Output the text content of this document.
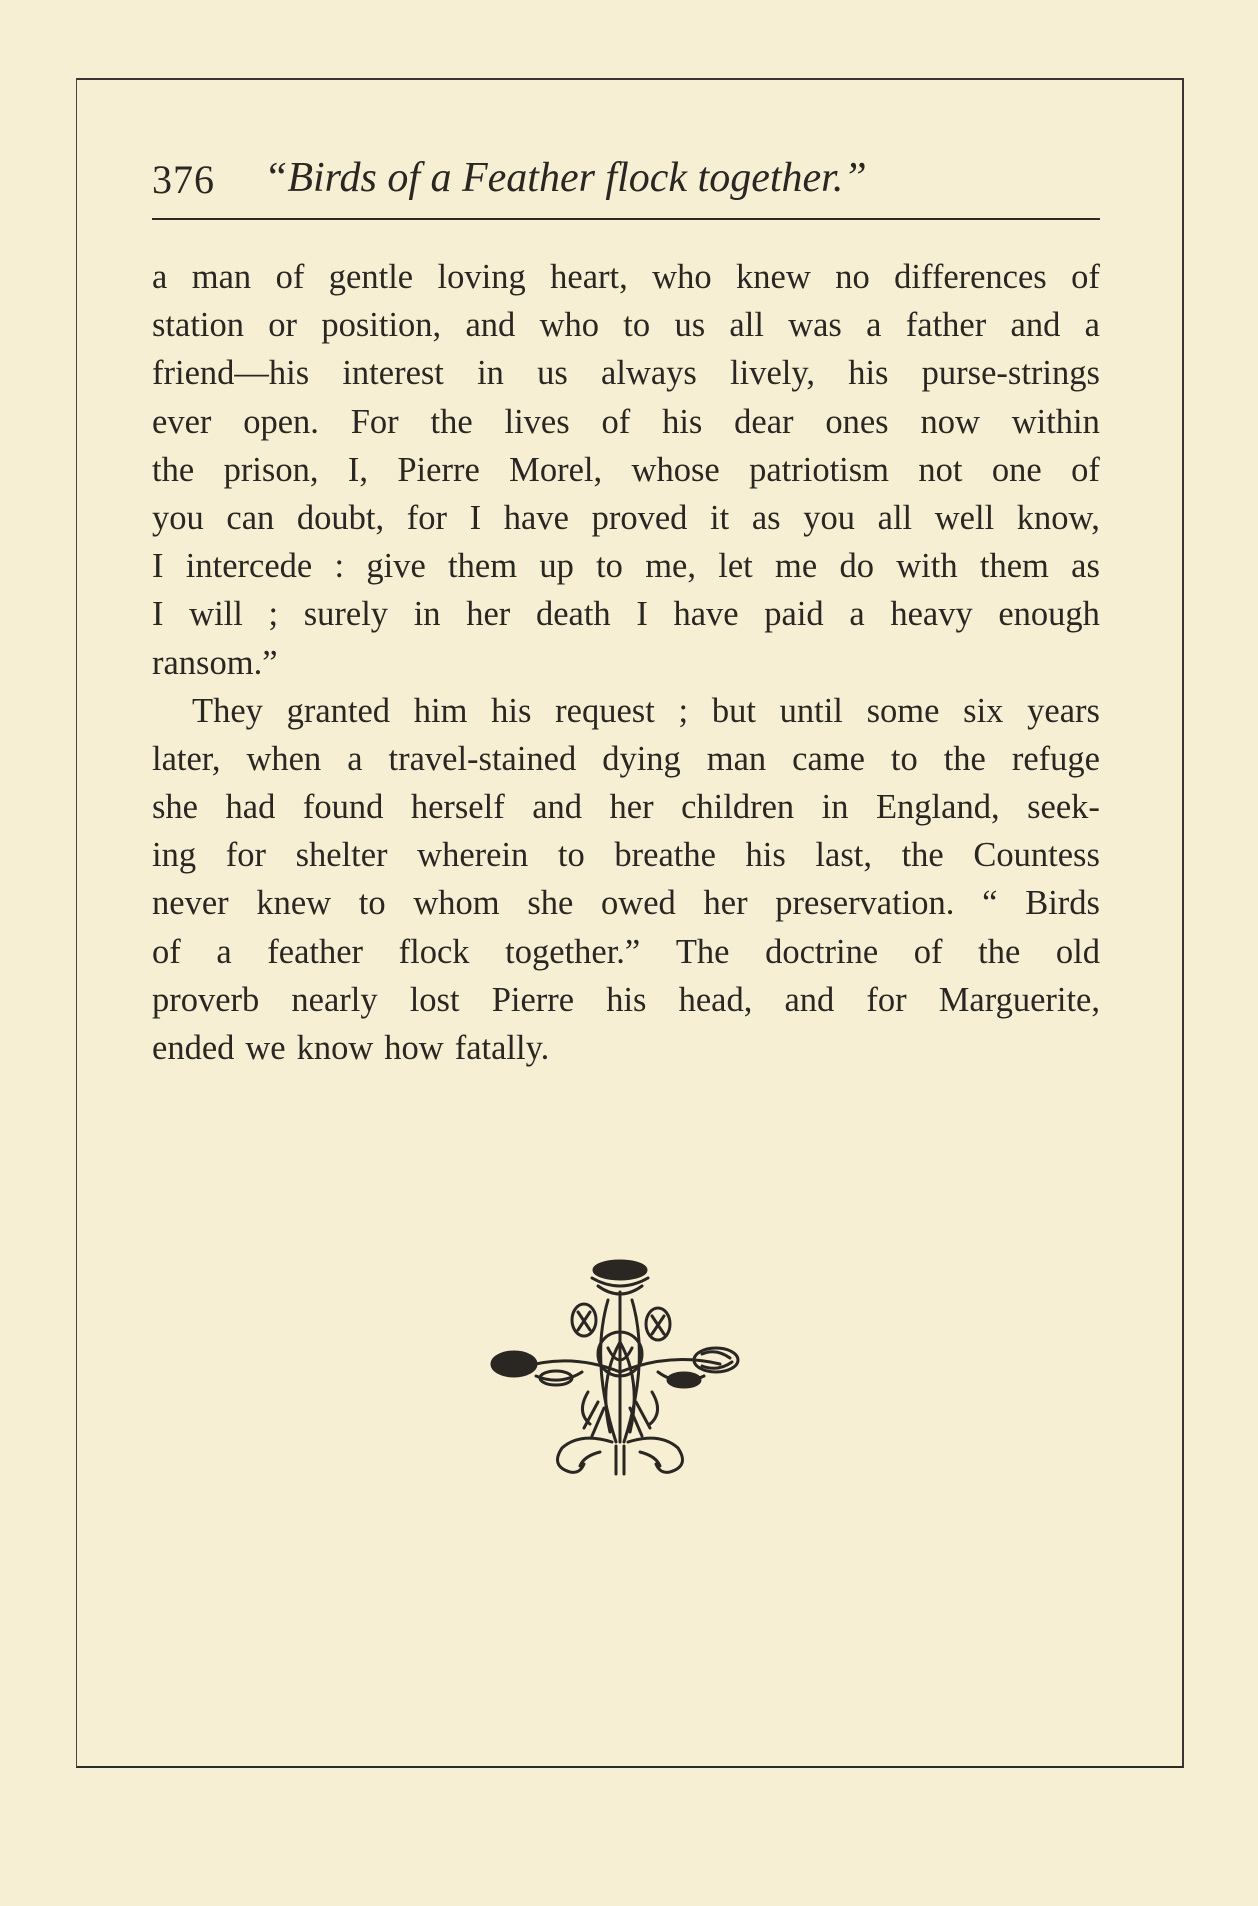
376 “Birds of a Feather flock together.”
a man of gentle loving heart, who knew no differences of
station or position, and who to us all was a father and a
friend—his interest in us always lively, his purse-strings
ever open. For the lives of his dear ones now within
the prison, I, Pierre Morel, whose patriotism not one of
you can doubt, for I have proved it as you all well know,
I intercede : give them up to me, let me do with them as
I will ; surely in her death I have paid a heavy enough
ransom.”
They granted him his request ; but until some six years
later, when a travel-stained dying man came to the refuge
she had found herself and her children in England, seek-
ing for shelter wherein to breathe his last, the Countess
never knew to whom she owed her preservation. “ Birds
of a feather flock together.” The doctrine of the old
proverb nearly lost Pierre his head, and for Marguerite,
ended we know how fatally.
